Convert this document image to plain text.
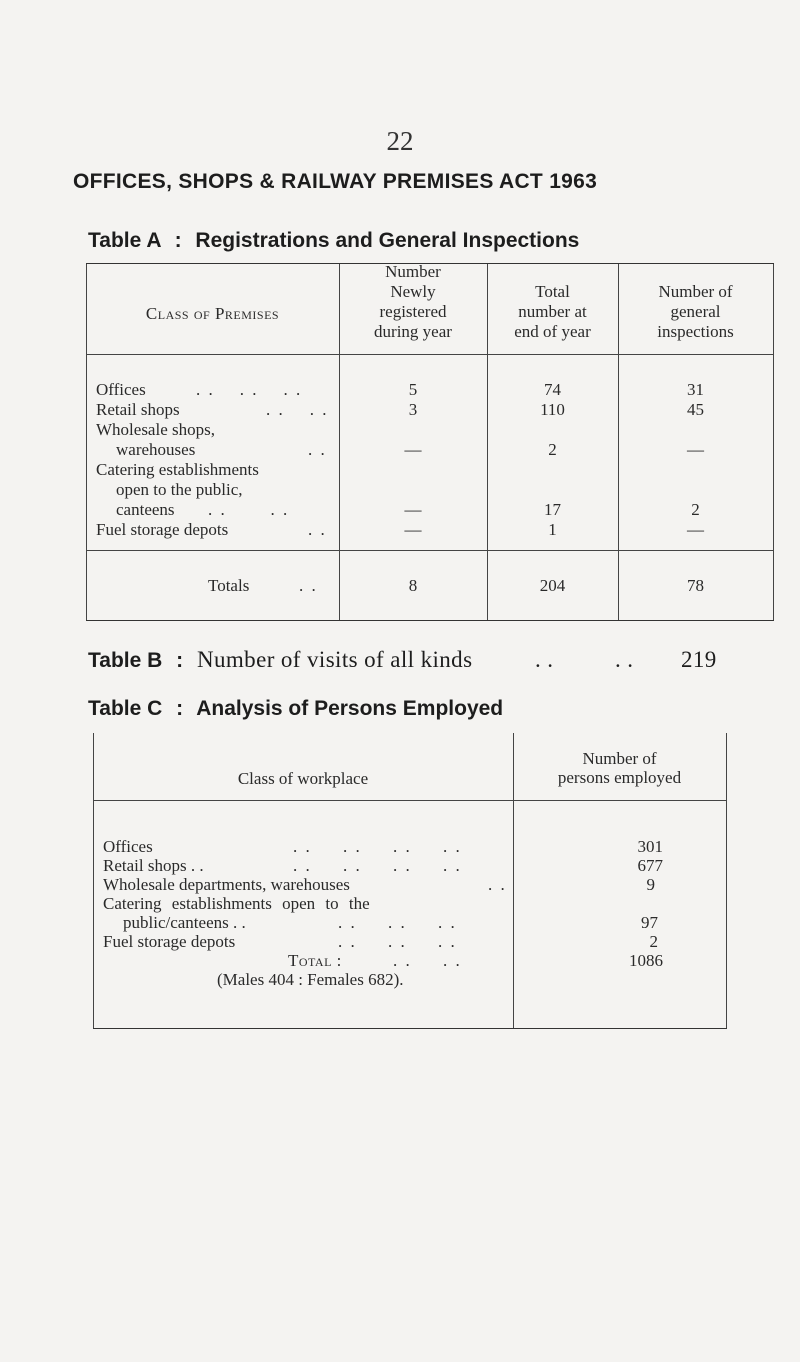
22
OFFICES, SHOPS & RAILWAY PREMISES ACT 1963
Table A : Registrations and General Inspections
Class of Premises
Number
Newly
registered
during year
Total
number at
end of year
Number of
general
inspections
Offices	. .    . .    . .	5	74	31
Retail shops	. .    . .	3	110	45
Wholesale shops,
warehouses	. .	—	2	—
Catering establishments
open to the public,
canteens . .       . .	—	17	2
Fuel storage depots	. .	—	1	—
Totals	. .	8	204	78
Table B : Number of visits of all kinds	. .          . . 219
Table C : Analysis of Persons Employed
Class of workplace
Number of
persons employed
Offices	. .     . .     . .     . .	301
Retail shops . .	. .     . .     . .     . .	677
Wholesale departments, warehouses	. .	9
Catering establishments open to the
public/canteens . .	. .     . .     . .	97
Fuel storage depots	. .     . .     . .	2
Total :	. .     . .	1086
(Males 404 : Females 682).
